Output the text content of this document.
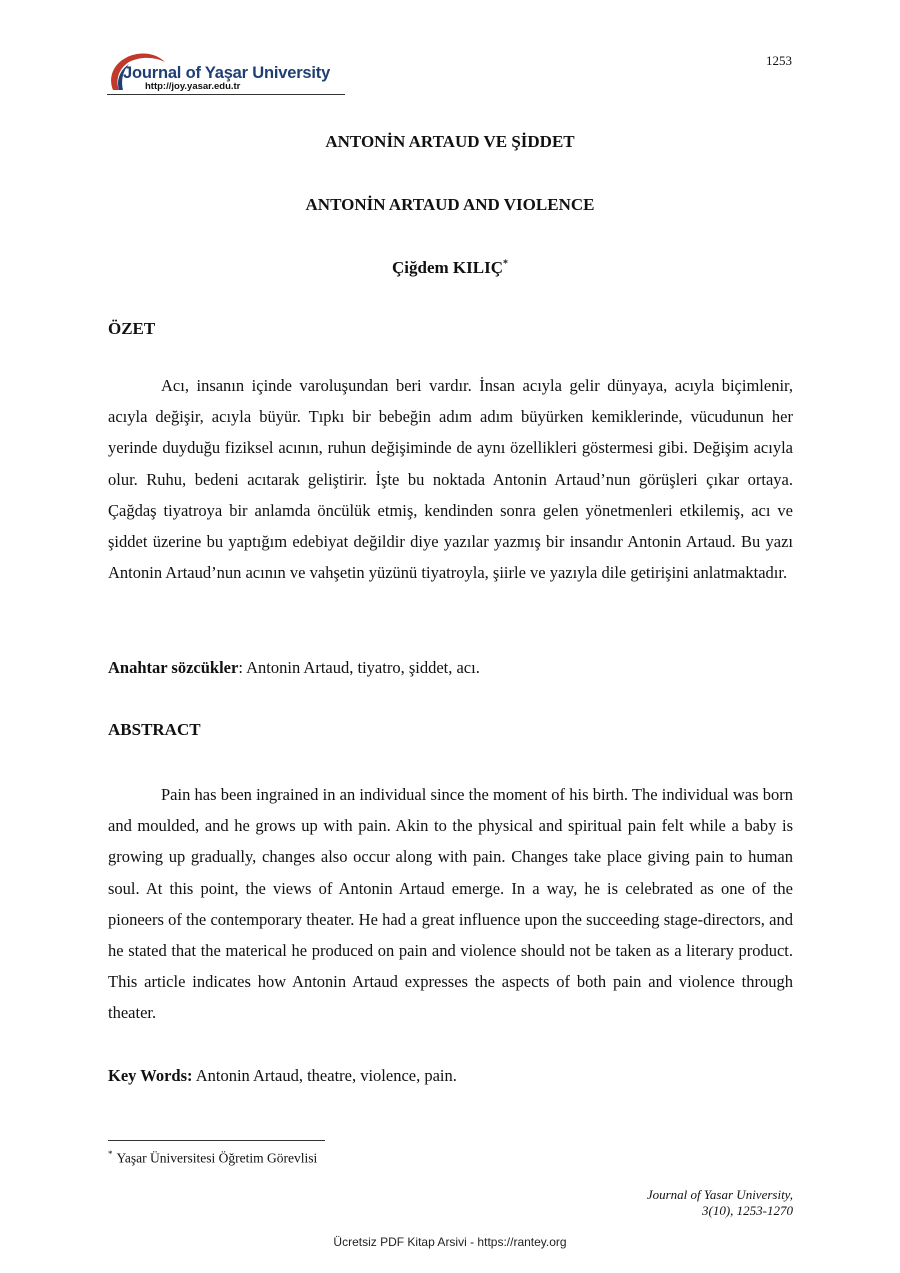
1253
Journal of Yaşar University
http://joy.yasar.edu.tr
ANTONİN ARTAUD VE ŞİDDET
ANTONİN ARTAUD AND VIOLENCE
Çiğdem KILIÇ*
ÖZET

Acı, insanın içinde varoluşundan beri vardır. İnsan acıyla gelir dünyaya, acıyla biçimlenir, acıyla değişir, acıyla büyür. Tıpkı bir bebeğin adım adım büyürken kemiklerinde, vücudunun her yerinde duyduğu fiziksel acının, ruhun değişiminde de aynı özellikleri göstermesi gibi. Değişim acıyla olur. Ruhu, bedeni acıtarak geliştirir. İşte bu noktada Antonin Artaud’nun görüşleri çıkar ortaya. Çağdaş tiyatroya bir anlamda öncülük etmiş, kendinden sonra gelen yönetmenleri etkilemiş, acı ve şiddet üzerine bu yaptığım edebiyat değildir diye yazılar yazmış bir insandır Antonin Artaud. Bu yazı Antonin Artaud’nun acının ve vahşetin yüzünü tiyatroyla, şiirle ve yazıyla dile getirişini anlatmaktadır.

Anahtar sözcükler: Antonin Artaud, tiyatro, şiddet, acı.
ABSTRACT

Pain has been ingrained in an individual since the moment of his birth. The individual was born and moulded, and he grows up with pain. Akin to the physical and spiritual pain felt while a baby is growing up gradually, changes also occur along with pain. Changes take place giving pain to human soul. At this point, the views of Antonin Artaud emerge. In a way, he is celebrated as one of the pioneers of the contemporary theater. He had a great influence upon the succeeding stage-directors, and he stated that the materical he produced on pain and violence should not be taken as a literary product. This article indicates how Antonin Artaud expresses the aspects of both pain and violence through theater.

Key Words: Antonin Artaud, theatre, violence, pain.
* Yaşar Üniversitesi Öğretim Görevlisi
Journal of Yasar University,
3(10), 1253-1270
Ücretsiz PDF Kitap Arsivi - https://rantey.org
